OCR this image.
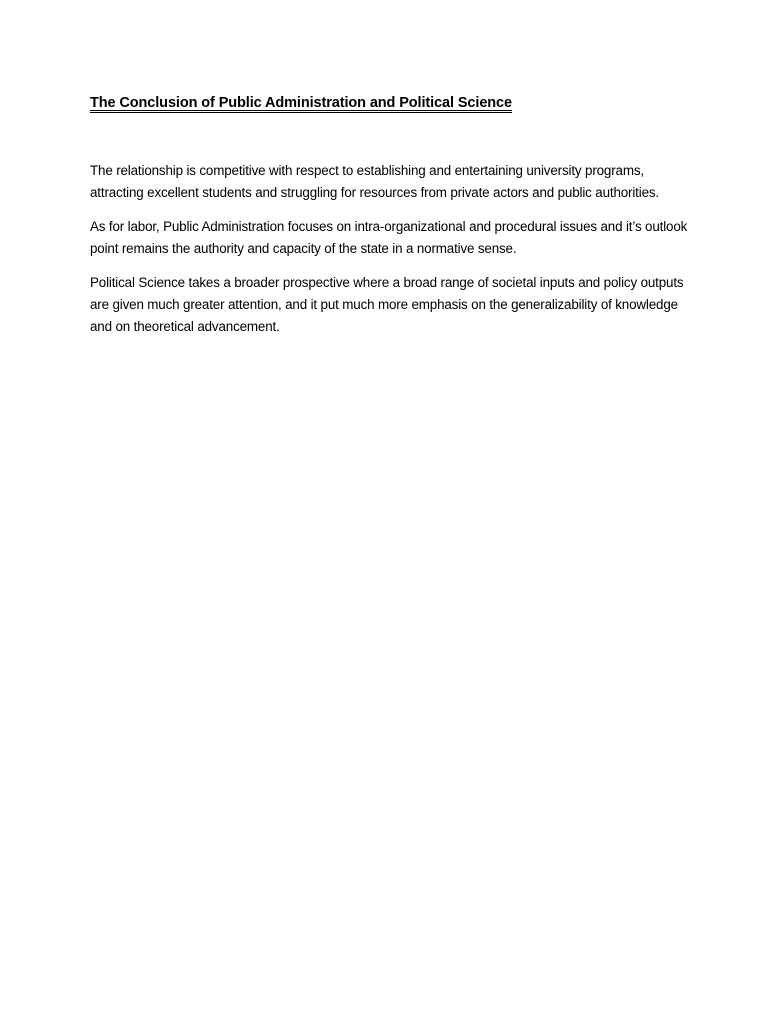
The Conclusion of Public Administration and Political Science

The relationship is competitive with respect to establishing and entertaining university programs, attracting excellent students and struggling for resources from private actors and public authorities.

As for labor, Public Administration focuses on intra-organizational and procedural issues and it’s outlook point remains the authority and capacity of the state in a normative sense.

Political Science takes a broader prospective where a broad range of societal inputs and policy outputs are given much greater attention, and it put much more emphasis on the generalizability of knowledge and on theoretical advancement.
